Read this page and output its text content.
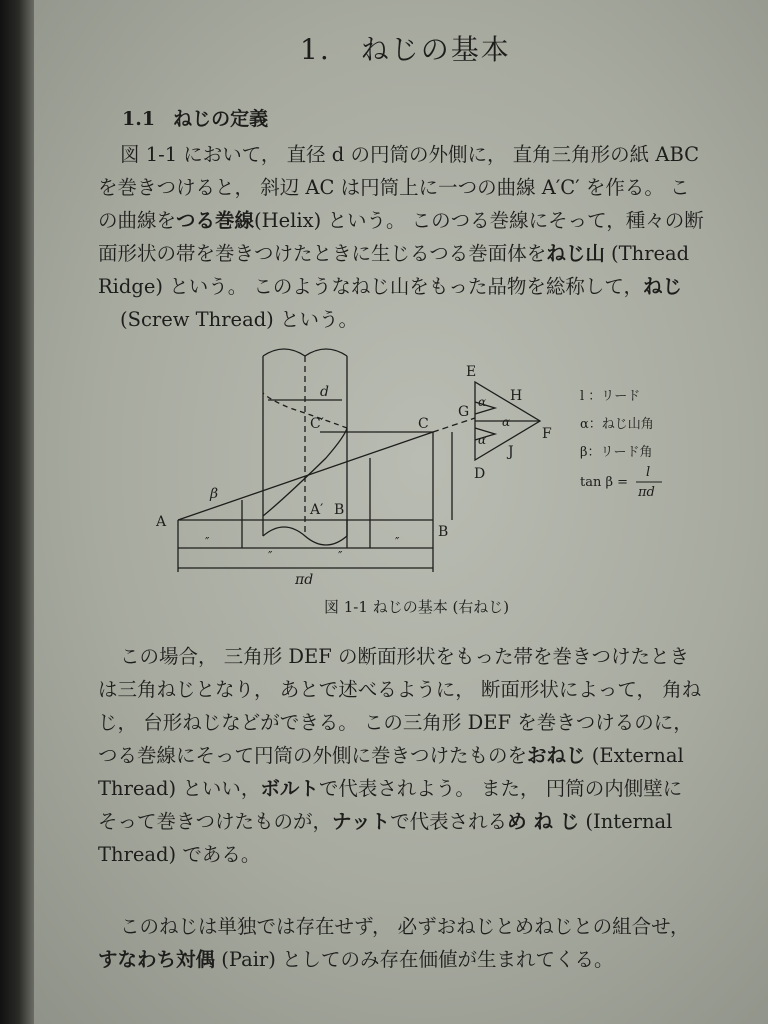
1. ねじの基本
1.1 ねじの定義
図 1-1 において， 直径 d の円筒の外側に， 直角三角形の紙 ABC
を巻きつけると， 斜辺 AC は円筒上に一つの曲線 A′C′ を作る。 こ
の曲線をつる巻線(Helix) という。 このつる巻線にそって，種々の断
面形状の帯を巻きつけたときに生じるつる巻面体をねじ山 (Thread
Ridge) という。 このようなねじ山をもった品物を総称して，ねじ
(Screw Thread) という。
E
H
G
F
D
J
C
C′
A
A′ B
B
d
β
α
α
α
″
″	″
″
πd
l ：リード
α：ねじ山角
β：リード角
tan β =
l
πd
図 1-1 ねじの基本 (右ねじ)
この場合， 三角形 DEF の断面形状をもった帯を巻きつけたとき
は三角ねじとなり， あとで述べるように， 断面形状によって， 角ね
じ， 台形ねじなどができる。 この三角形 DEF を巻きつけるのに，
つる巻線にそって円筒の外側に巻きつけたものをおねじ (External
Thread) といい，ボルトで代表されよう。 また， 円筒の内側壁に
そって巻きつけたものが，ナットで代表されるめ ね じ (Internal
Thread) である。
このねじは単独では存在せず， 必ずおねじとめねじとの組合せ，
すなわち対偶 (Pair) としてのみ存在価値が生まれてくる。
